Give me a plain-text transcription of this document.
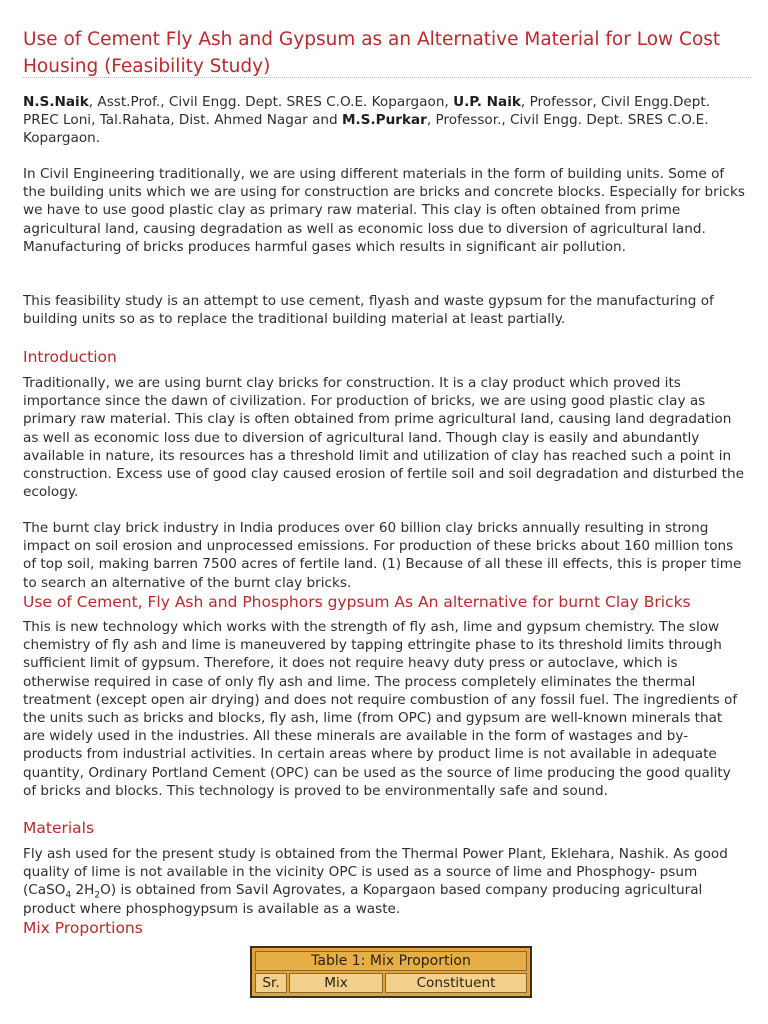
Use of Cement Fly Ash and Gypsum as an Alternative Material for Low Cost Housing (Feasibility Study)

N.S.Naik, Asst.Prof., Civil Engg. Dept. SRES C.O.E. Kopargaon, U.P. Naik, Professor, Civil Engg.Dept. PREC Loni, Tal.Rahata, Dist. Ahmed Nagar and M.S.Purkar, Professor., Civil Engg. Dept. SRES C.O.E. Kopargaon.

In Civil Engineering traditionally, we are using different materials in the form of building units. Some of the building units which we are using for construction are bricks and concrete blocks. Especially for bricks we have to use good plastic clay as primary raw material. This clay is often obtained from prime agricultural land, causing degradation as well as economic loss due to diversion of agricultural land. Manufacturing of bricks produces harmful gases which results in significant air pollution.

This feasibility study is an attempt to use cement, flyash and waste gypsum for the manufacturing of building units so as to replace the traditional building material at least partially.

Introduction

Traditionally, we are using burnt clay bricks for construction. It is a clay product which proved its importance since the dawn of civilization. For production of bricks, we are using good plastic clay as primary raw material. This clay is often obtained from prime agricultural land, causing land degradation as well as economic loss due to diversion of agricultural land. Though clay is easily and abundantly available in nature, its resources has a threshold limit and utilization of clay has reached such a point in construction. Excess use of good clay caused erosion of fertile soil and soil degradation and disturbed the ecology.

The burnt clay brick industry in India produces over 60 billion clay bricks annually resulting in strong impact on soil erosion and unprocessed emissions. For production of these bricks about 160 million tons of top soil, making barren 7500 acres of fertile land. (1) Because of all these ill effects, this is proper time to search an alternative of the burnt clay bricks.

Use of Cement, Fly Ash and Phosphors gypsum As An alternative for burnt Clay Bricks

This is new technology which works with the strength of fly ash, lime and gypsum chemistry. The slow chemistry of fly ash and lime is maneuvered by tapping ettringite phase to its threshold limits through sufficient limit of gypsum. Therefore, it does not require heavy duty press or autoclave, which is otherwise required in case of only fly ash and lime. The process completely eliminates the thermal treatment (except open air drying) and does not require combustion of any fossil fuel. The ingredients of the units such as bricks and blocks, fly ash, lime (from OPC) and gypsum are well-known minerals that are widely used in the industries. All these minerals are available in the form of wastages and by-products from industrial activities. In certain areas where by product lime is not available in adequate quantity, Ordinary Portland Cement (OPC) can be used as the source of lime producing the good quality of bricks and blocks. This technology is proved to be environmentally safe and sound.

Materials

Fly ash used for the present study is obtained from the Thermal Power Plant, Eklehara, Nashik. As good quality of lime is not available in the vicinity OPC is used as a source of lime and Phosphogy- psum (CaSO$_4$ $2H_2O$) is obtained from Savil Agrovates, a Kopargaon based company producing agricultural product where phosphogypsum is available as a waste.

Mix Proportions
Table 1: Mix Proportion
Sr.	Mix	Constituent
